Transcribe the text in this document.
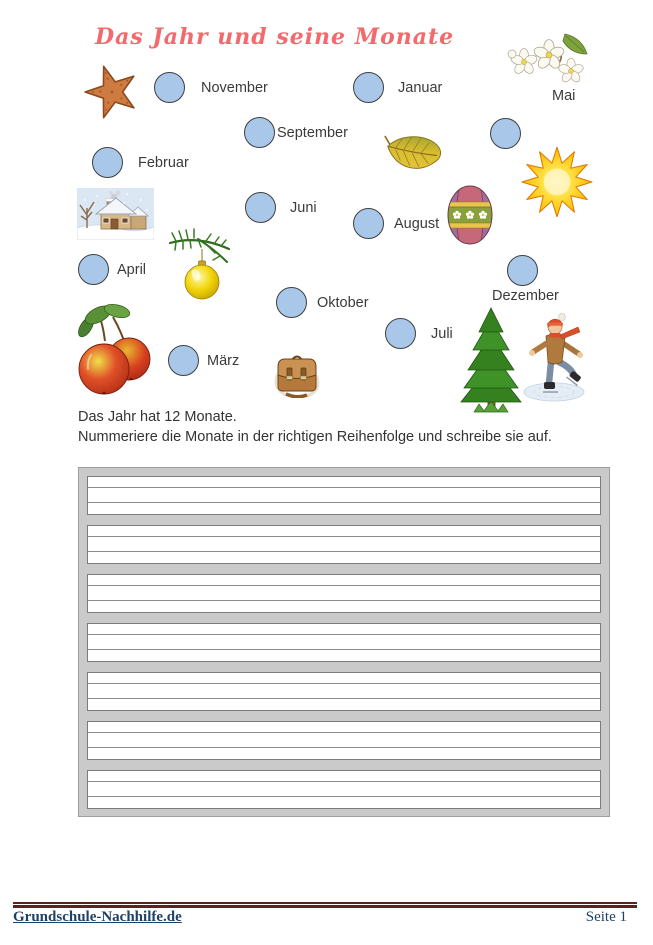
Das Jahr und seine Monate
Mai
November	Januar
September
Februar
Juni
August
April
Dezember
Oktober
März
Juli

Das Jahr hat 12 Monate.

Nummeriere die Monate in der richtigen Reihenfolge und schreibe sie auf.

Grundschule-Nachhilfe.de	Seite 1
